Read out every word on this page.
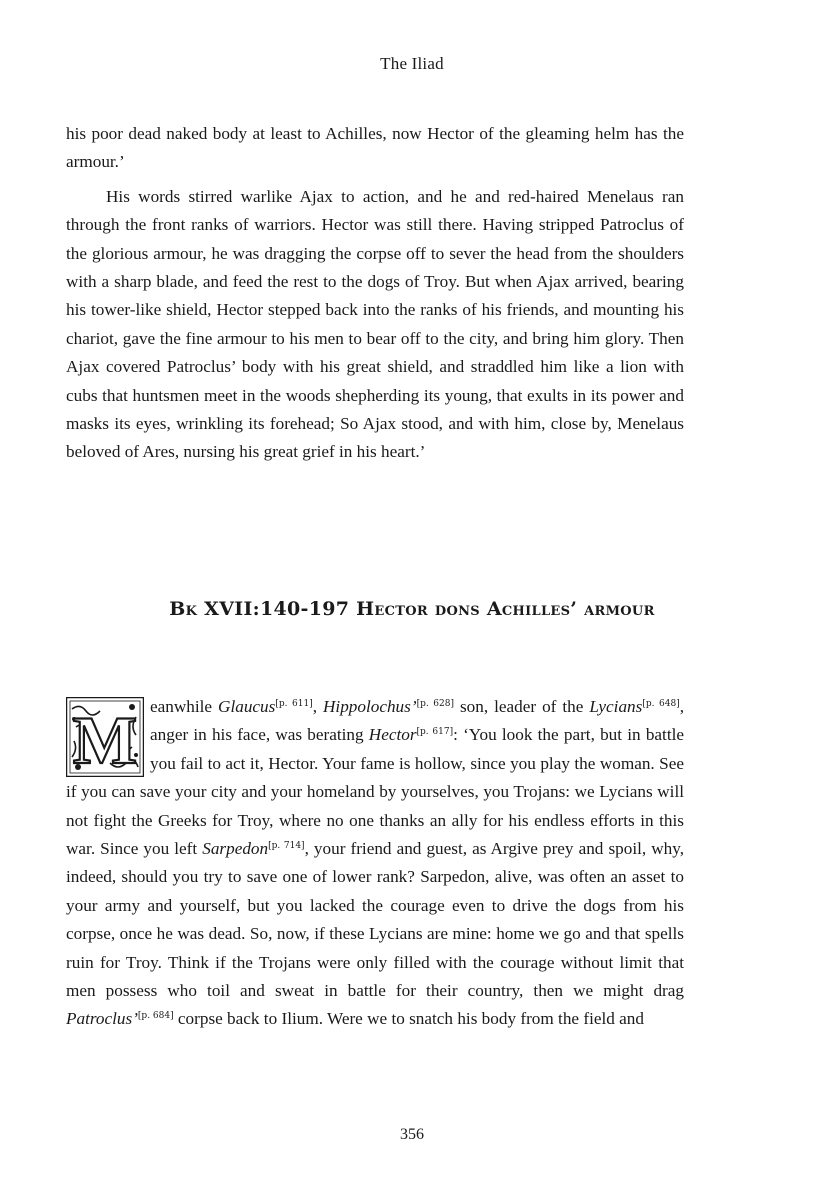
The Iliad

his poor dead naked body at least to Achilles, now Hector of the gleaming helm has the armour.’

His words stirred warlike Ajax to action, and he and red-haired Menelaus ran through the front ranks of warriors. Hector was still there. Having stripped Patroclus of the glorious armour, he was dragging the corpse off to sever the head from the shoulders with a sharp blade, and feed the rest to the dogs of Troy. But when Ajax arrived, bearing his tower-like shield, Hector stepped back into the ranks of his friends, and mounting his chariot, gave the fine armour to his men to bear off to the city, and bring him glory. Then Ajax covered Patroclus’ body with his great shield, and straddled him like a lion with cubs that huntsmen meet in the woods shepherding its young, that exults in its power and masks its eyes, wrinkling its forehead; So Ajax stood, and with him, close by, Menelaus beloved of Ares, nursing his great grief in his heart.’

Bk XVII:140-197 Hector dons Achilles’ armour
M eanwhile Glaucus[p. 611], Hippolochus’[p. 628] son, leader of the Lycians[p. 648], anger in his face, was berating Hector[p. 617]: ‘You look the part, but in battle you fail to act it, Hector. Your fame is hollow, since you play the woman. See if you can save your city and your homeland by yourselves, you Trojans: we Lycians will not fight the Greeks for Troy, where no one thanks an ally for his endless efforts in this war. Since you left Sarpedon[p. 714], your friend and guest, as Argive prey and spoil, why, indeed, should you try to save one of lower rank? Sarpedon, alive, was often an asset to your army and yourself, but you lacked the courage even to drive the dogs from his corpse, once he was dead. So, now, if these Lycians are mine: home we go and that spells ruin for Troy. Think if the Trojans were only filled with the courage without limit that men possess who toil and sweat in battle for their country, then we might drag Patroclus’[p. 684] corpse back to Ilium. Were we to snatch his body from the field and

356
